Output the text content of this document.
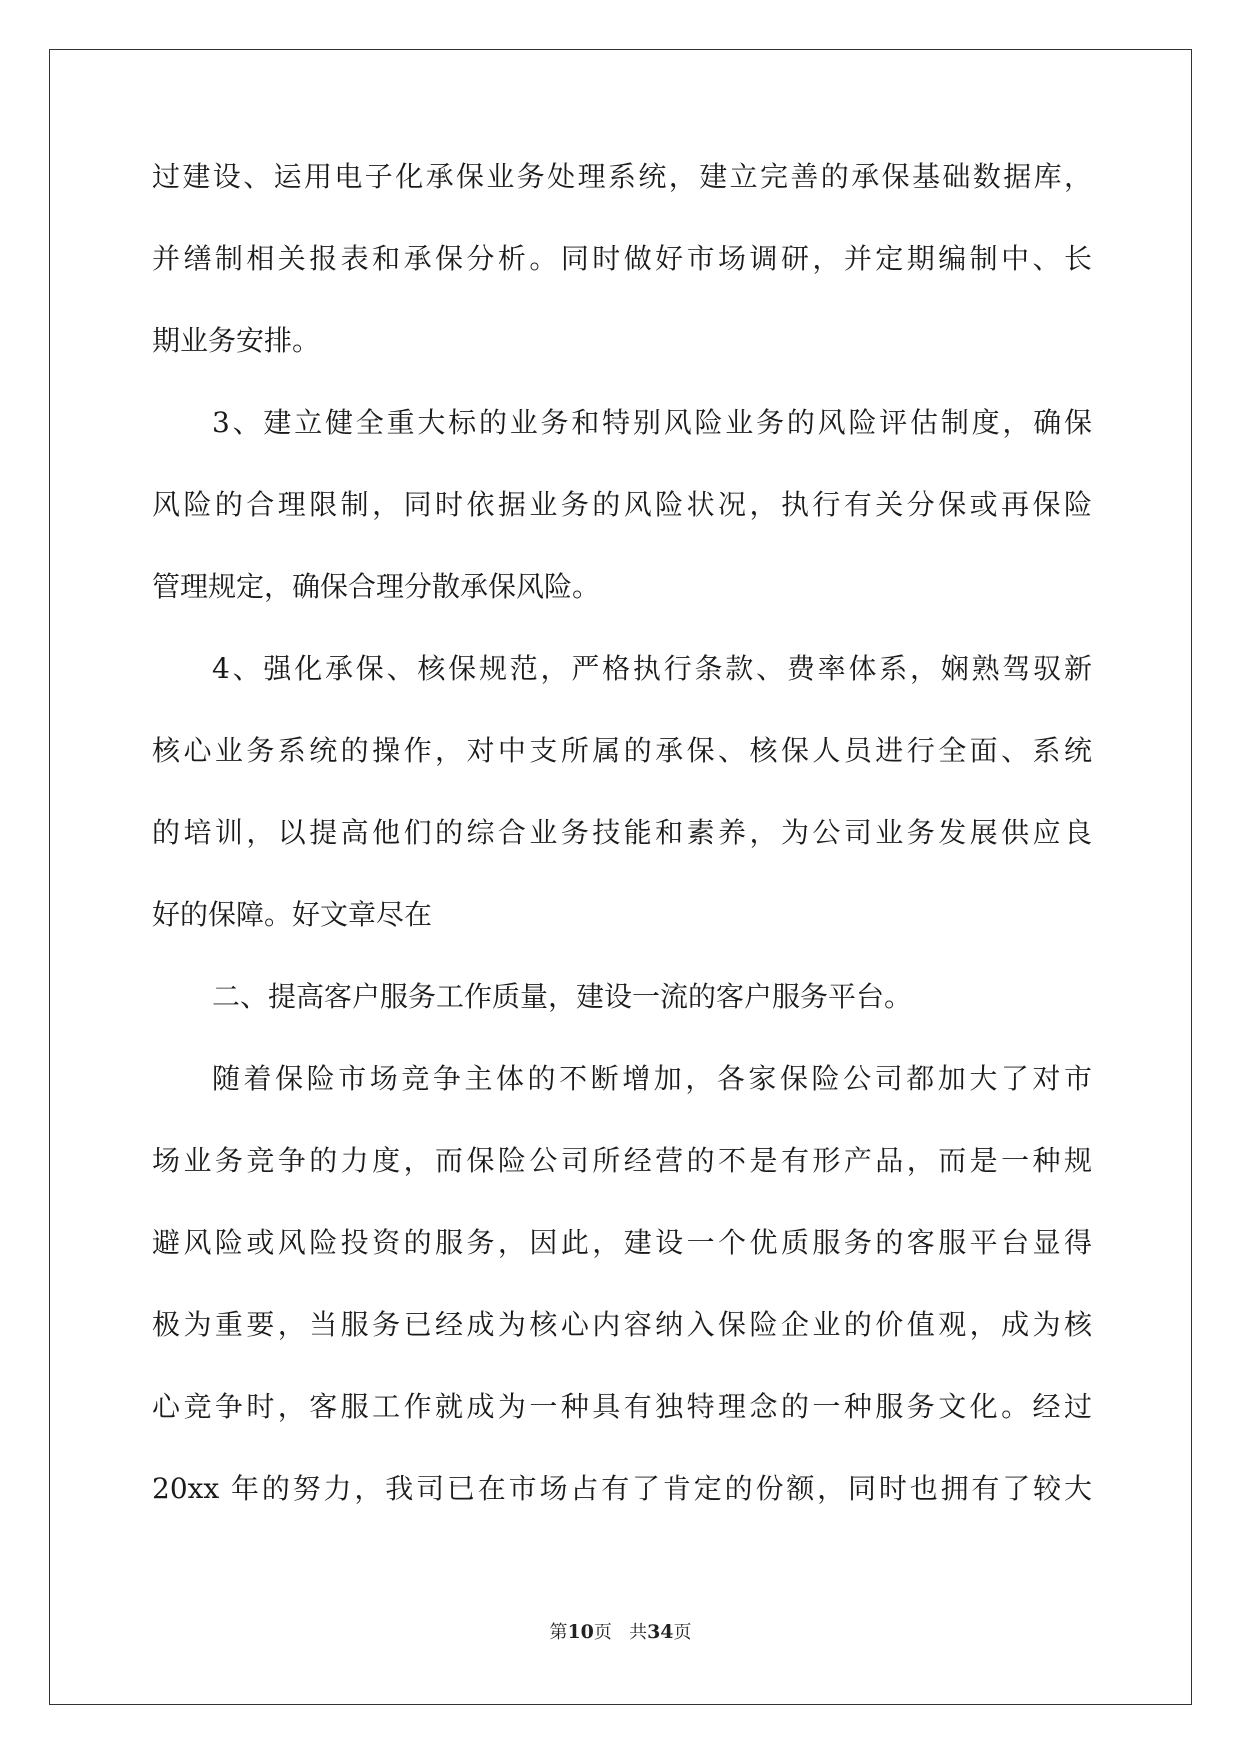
过建设、运用电子化承保业务处理系统，建立完善的承保基础数据库，
并缮制相关报表和承保分析。同时做好市场调研，并定期编制中、长
期业务安排。
3、建立健全重大标的业务和特别风险业务的风险评估制度，确保
风险的合理限制，同时依据业务的风险状况，执行有关分保或再保险
管理规定，确保合理分散承保风险。
4、强化承保、核保规范，严格执行条款、费率体系，娴熟驾驭新
核心业务系统的操作，对中支所属的承保、核保人员进行全面、系统
的培训，以提高他们的综合业务技能和素养，为公司业务发展供应良
好的保障。好文章尽在
二、提高客户服务工作质量，建设一流的客户服务平台。
随着保险市场竞争主体的不断增加，各家保险公司都加大了对市
场业务竞争的力度，而保险公司所经营的不是有形产品，而是一种规
避风险或风险投资的服务，因此，建设一个优质服务的客服平台显得
极为重要，当服务已经成为核心内容纳入保险企业的价值观，成为核
心竞争时，客服工作就成为一种具有独特理念的一种服务文化。经过
20xx 年的努力，我司已在市场占有了肯定的份额，同时也拥有了较大
第10页 共34页
